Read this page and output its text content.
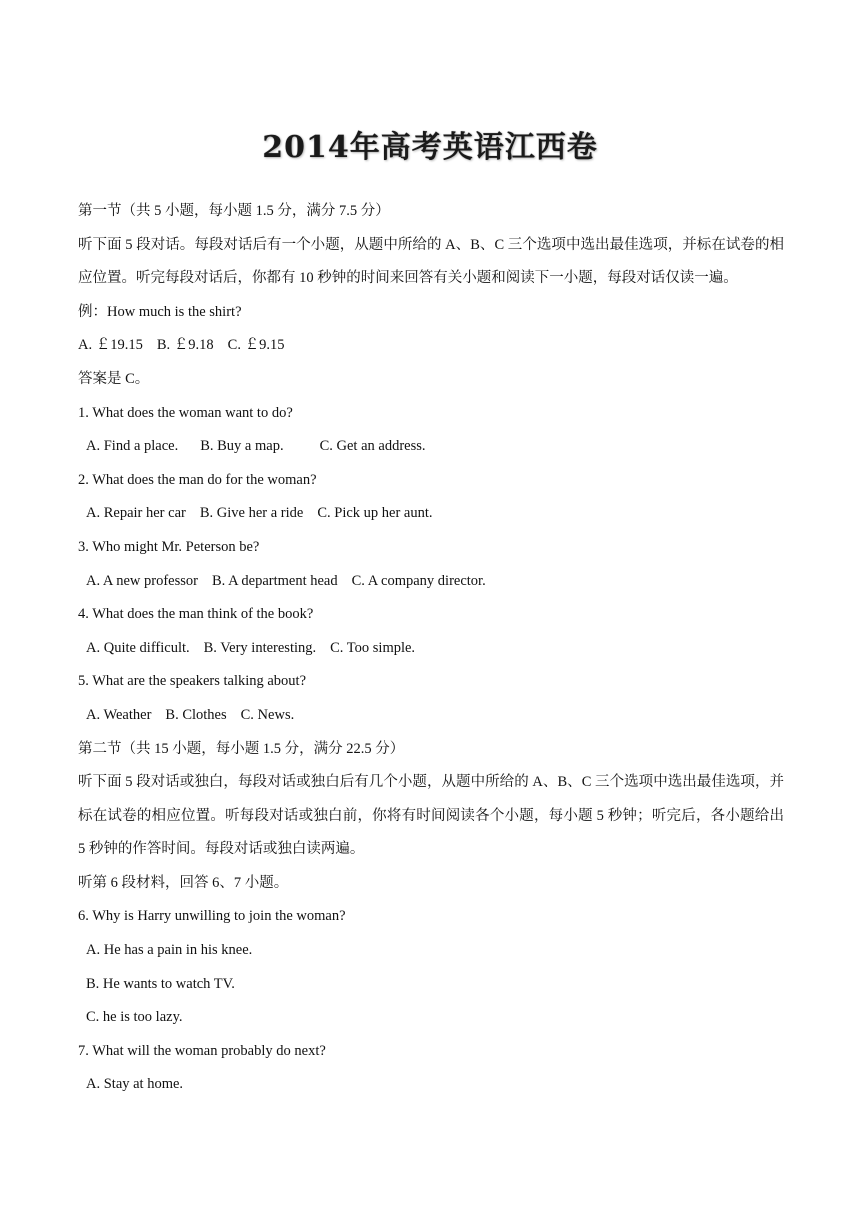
2014年高考英语江西卷
第一节（共 5 小题，每小题 1.5 分，满分 7.5 分）
听下面 5 段对话。每段对话后有一个小题，从题中所给的 A、B、C 三个选项中选出最佳选项，并标在试卷的相应位置。听完每段对话后，你都有 10 秒钟的时间来回答有关小题和阅读下一小题，每段对话仅读一遍。
例：How much is the shirt?
A. ￡19.15 B. ￡9.18 C. ￡9.15
答案是 C。
1. What does the woman want to do?
A. Find a place. B. Buy a map. C. Get an address.
2. What does the man do for the woman?
A. Repair her car B. Give her a ride C. Pick up her aunt.
3. Who might Mr. Peterson be?
A. A new professor B. A department head C. A company director.
4. What does the man think of the book?
A. Quite difficult. B. Very interesting. C. Too simple.
5. What are the speakers talking about?
A. Weather B. Clothes C. News.
第二节（共 15 小题，每小题 1.5 分，满分 22.5 分）
听下面 5 段对话或独白，每段对话或独白后有几个小题，从题中所给的 A、B、C 三个选项中选出最佳选项，并标在试卷的相应位置。听每段对话或独白前，你将有时间阅读各个小题，每小题 5 秒钟；听完后，各小题给出 5 秒钟的作答时间。每段对话或独白读两遍。
听第 6 段材料，回答 6、7 小题。
6. Why is Harry unwilling to join the woman?
A. He has a pain in his knee.
B. He wants to watch TV.
C. he is too lazy.
7. What will the woman probably do next?
A. Stay at home.
